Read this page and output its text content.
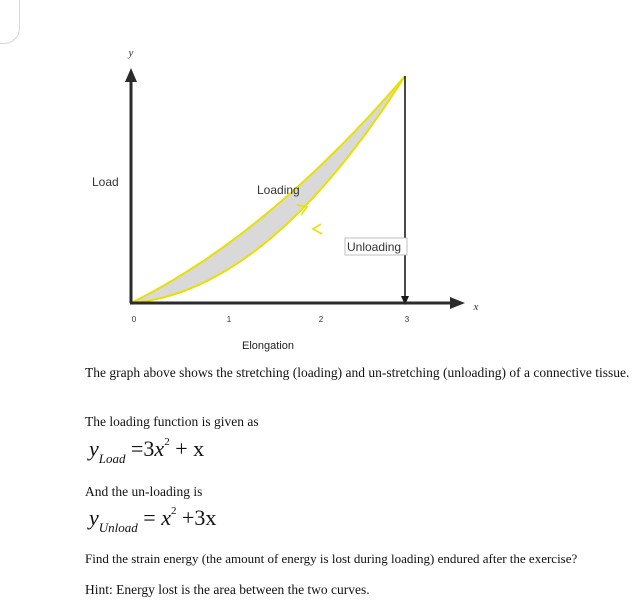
y
x
0	1	2	3
Load
Loading
Unloading
Elongation
The graph above shows the stretching (loading) and un-stretching (unloading) of a connective tissue.
The loading function is given as
$y_{Load} =3x^2 + x$
And the un-loading is
$y_{Unload} = x^2 +3x$
Find the strain energy (the amount of energy is lost during loading) endured after the exercise?
Hint: Energy lost is the area between the two curves.
